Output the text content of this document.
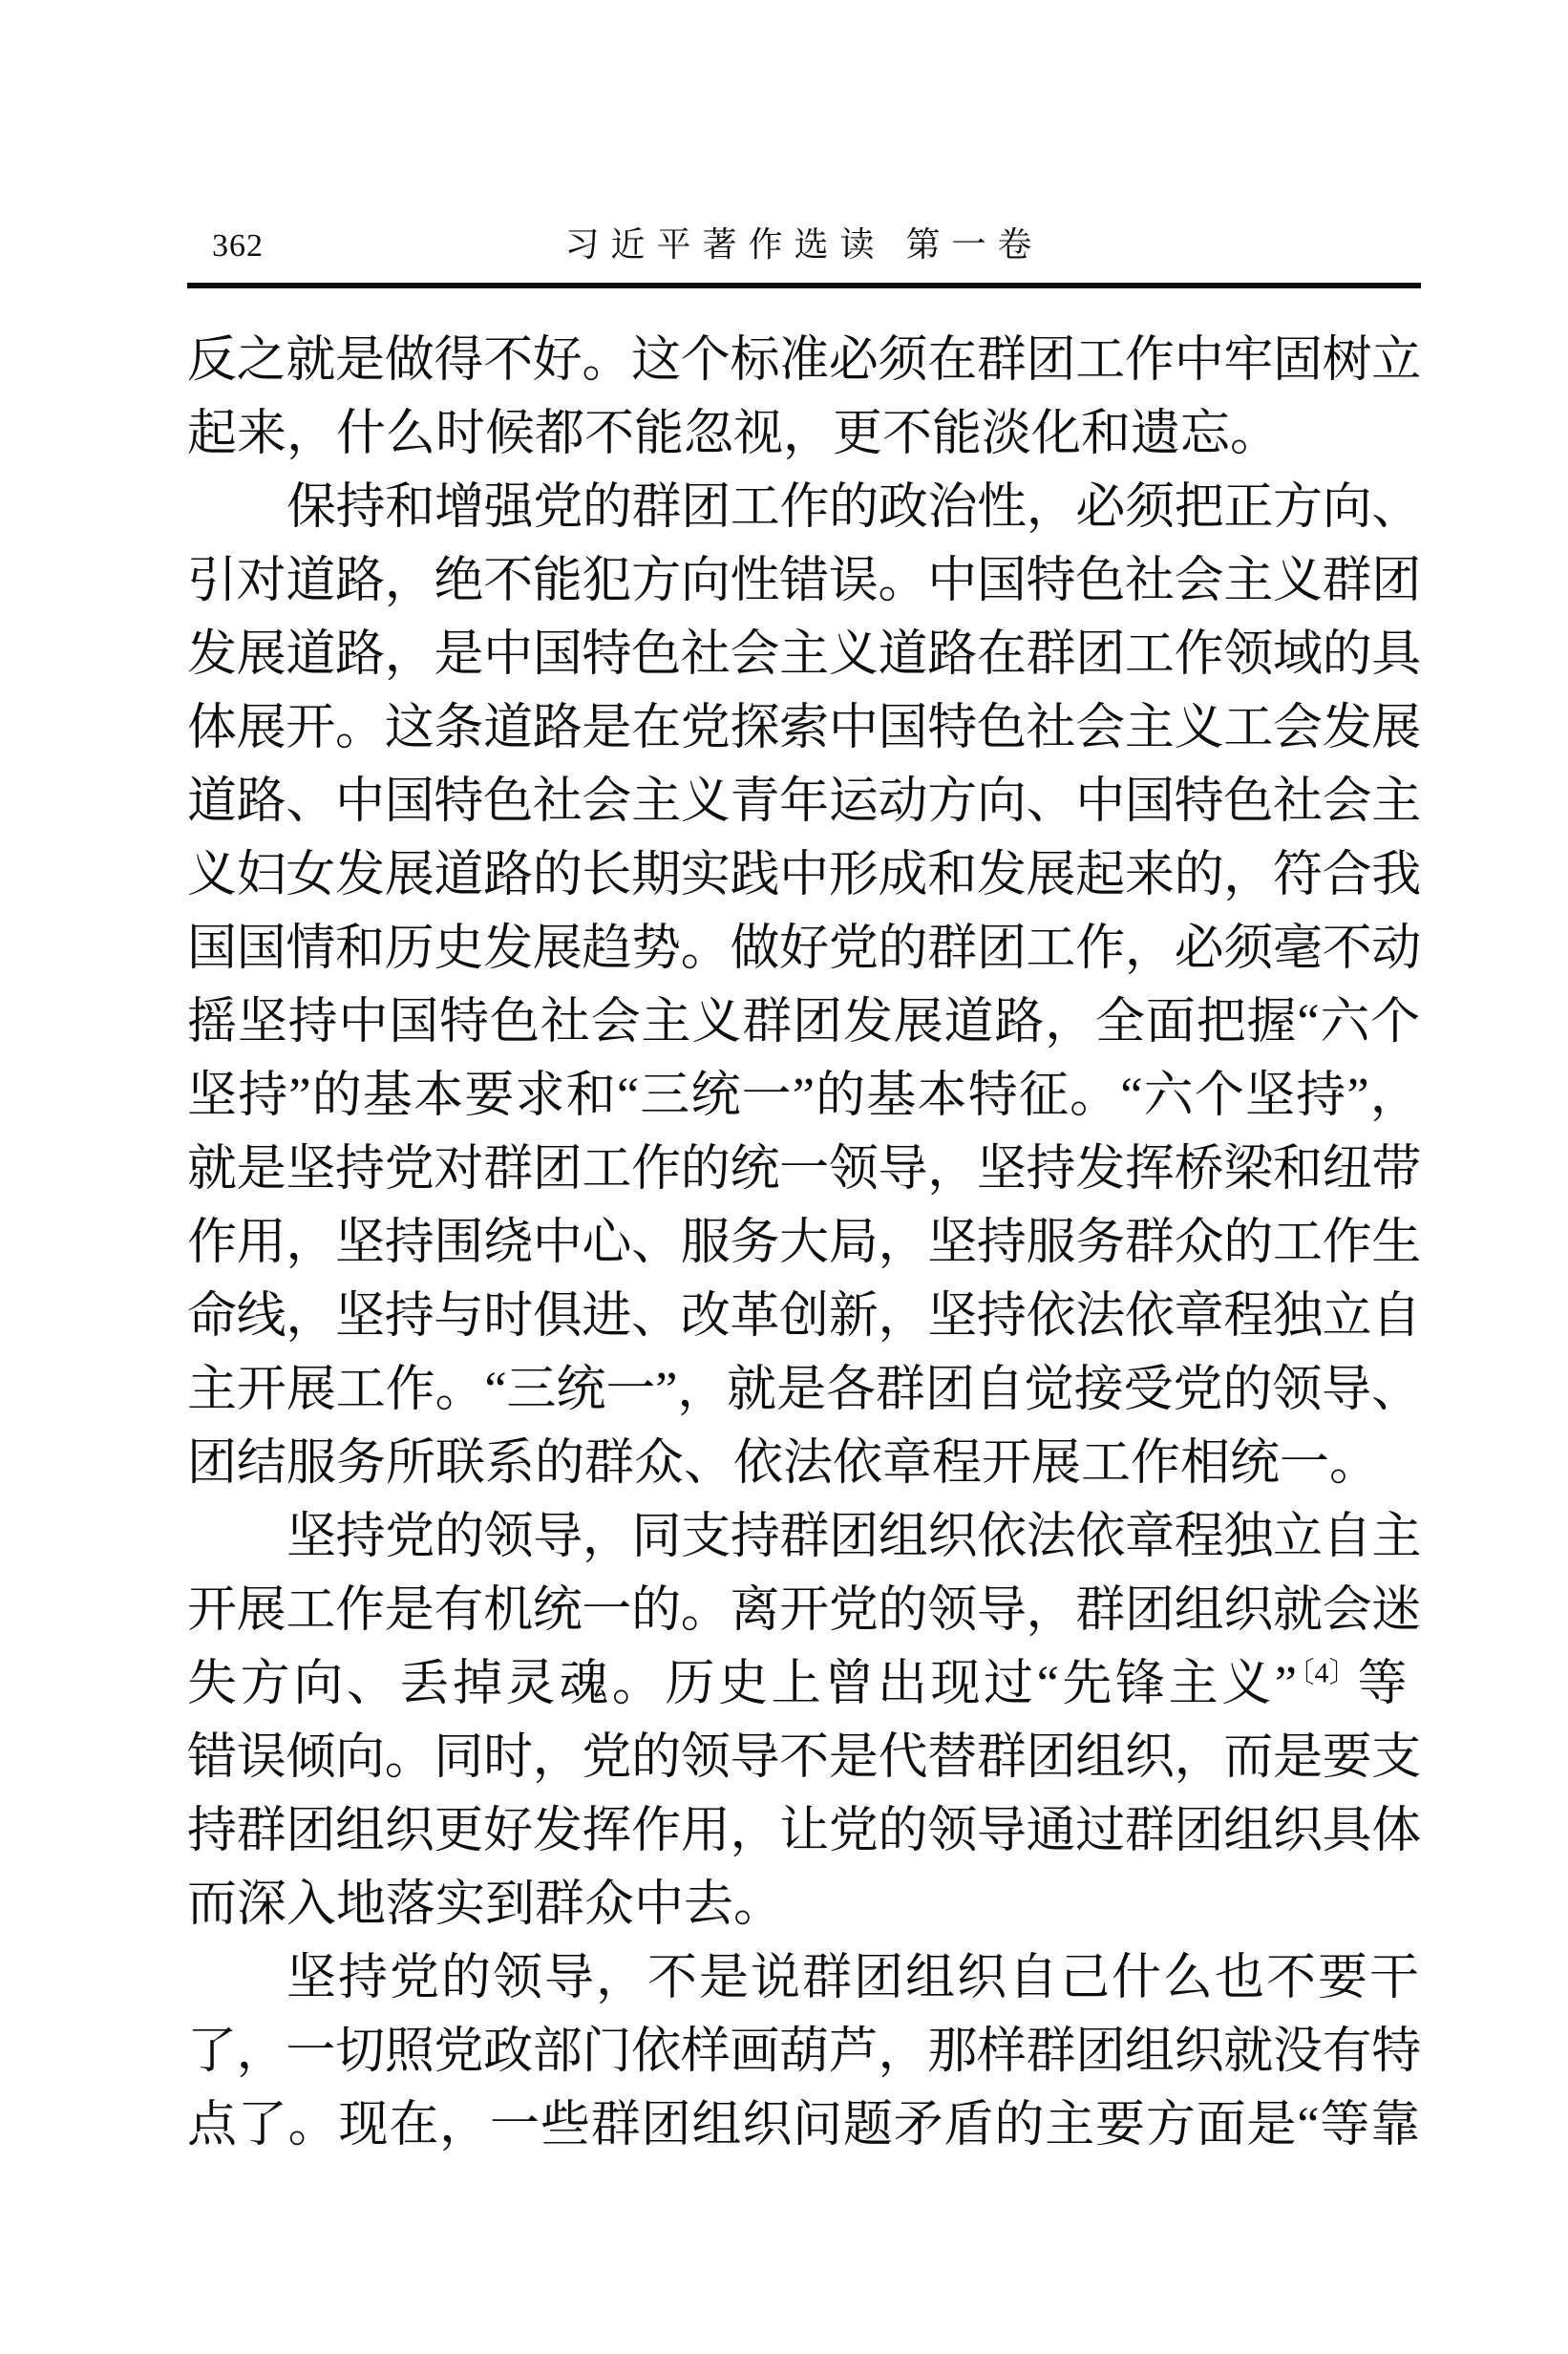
362	习近平著作选读 第一卷
反之就是做得不好。这个标准必须在群团工作中牢固树立
起来，什么时候都不能忽视，更不能淡化和遗忘。
保持和增强党的群团工作的政治性，必须把正方向、
引对道路，绝不能犯方向性错误。中国特色社会主义群团
发展道路，是中国特色社会主义道路在群团工作领域的具
体展开。这条道路是在党探索中国特色社会主义工会发展
道路、中国特色社会主义青年运动方向、中国特色社会主
义妇女发展道路的长期实践中形成和发展起来的，符合我
国国情和历史发展趋势。做好党的群团工作，必须毫不动
摇坚持中国特色社会主义群团发展道路，全面把握“六个
坚持”的基本要求和“三统一”的基本特征。“六个坚持”，
就是坚持党对群团工作的统一领导，坚持发挥桥梁和纽带
作用，坚持围绕中心、服务大局，坚持服务群众的工作生
命线，坚持与时俱进、改革创新，坚持依法依章程独立自
主开展工作。“三统一”，就是各群团自觉接受党的领导、
团结服务所联系的群众、依法依章程开展工作相统一。
坚持党的领导，同支持群团组织依法依章程独立自主
开展工作是有机统一的。离开党的领导，群团组织就会迷
失方向、丢掉灵魂。历史上曾出现过“先锋主义”$^{〔4〕}$等
错误倾向。同时，党的领导不是代替群团组织，而是要支
持群团组织更好发挥作用，让党的领导通过群团组织具体
而深入地落实到群众中去。
坚持党的领导，不是说群团组织自己什么也不要干
了，一切照党政部门依样画葫芦，那样群团组织就没有特
点了。现在，一些群团组织问题矛盾的主要方面是“等靠
